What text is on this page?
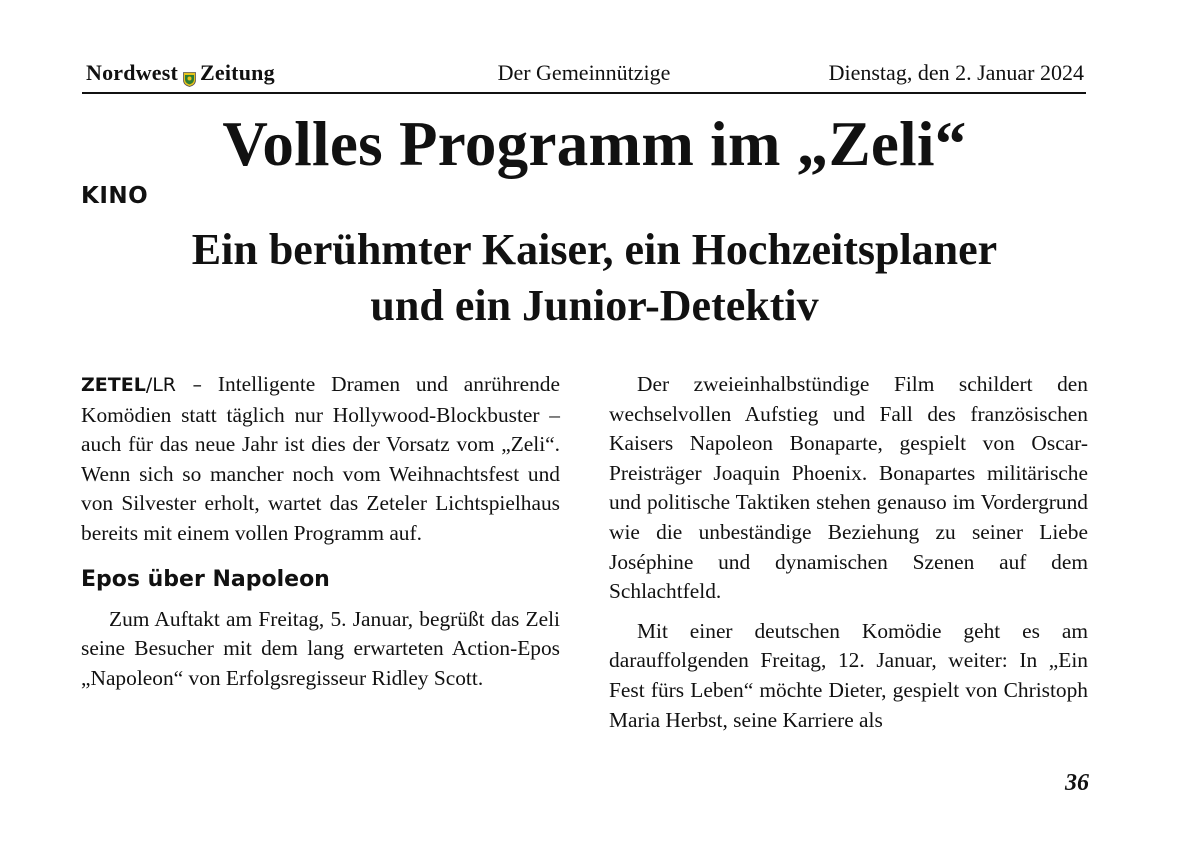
Nordwest Zeitung	Der Gemeinnützige	Dienstag, den 2. Januar 2024
Volles Programm im „Zeli“
KINO
Ein berühmter Kaiser, ein Hochzeitsplaner
und ein Junior-Detektiv

ZETEL/LR – Intelligente Dramen und anrührende Komödien statt täglich nur Hollywood-Blockbuster – auch für das neue Jahr ist dies der Vorsatz vom „Zeli“. Wenn sich so mancher noch vom Weihnachtsfest und von Silvester erholt, wartet das Zeteler Lichtspielhaus bereits mit einem vollen Programm auf.

Epos über Napoleon

Zum Auftakt am Freitag, 5. Januar, begrüßt das Zeli seine Besucher mit dem lang erwarteten Action-Epos „Napoleon“ von Erfolgsregisseur Ridley Scott.

Der zweieinhalbstündige Film schildert den wechselvollen Aufstieg und Fall des französischen Kaisers Napoleon Bonaparte, gespielt von Oscar-Preisträger Joaquin Phoenix. Bonapartes militärische und politische Taktiken stehen genauso im Vordergrund wie die unbeständige Beziehung zu seiner Liebe Joséphine und dynamischen Szenen auf dem Schlachtfeld.

Mit einer deutschen Komödie geht es am darauffolgenden Freitag, 12. Januar, weiter: In „Ein Fest fürs Leben“ möchte Dieter, gespielt von Christoph Maria Herbst, seine Karriere als

36
